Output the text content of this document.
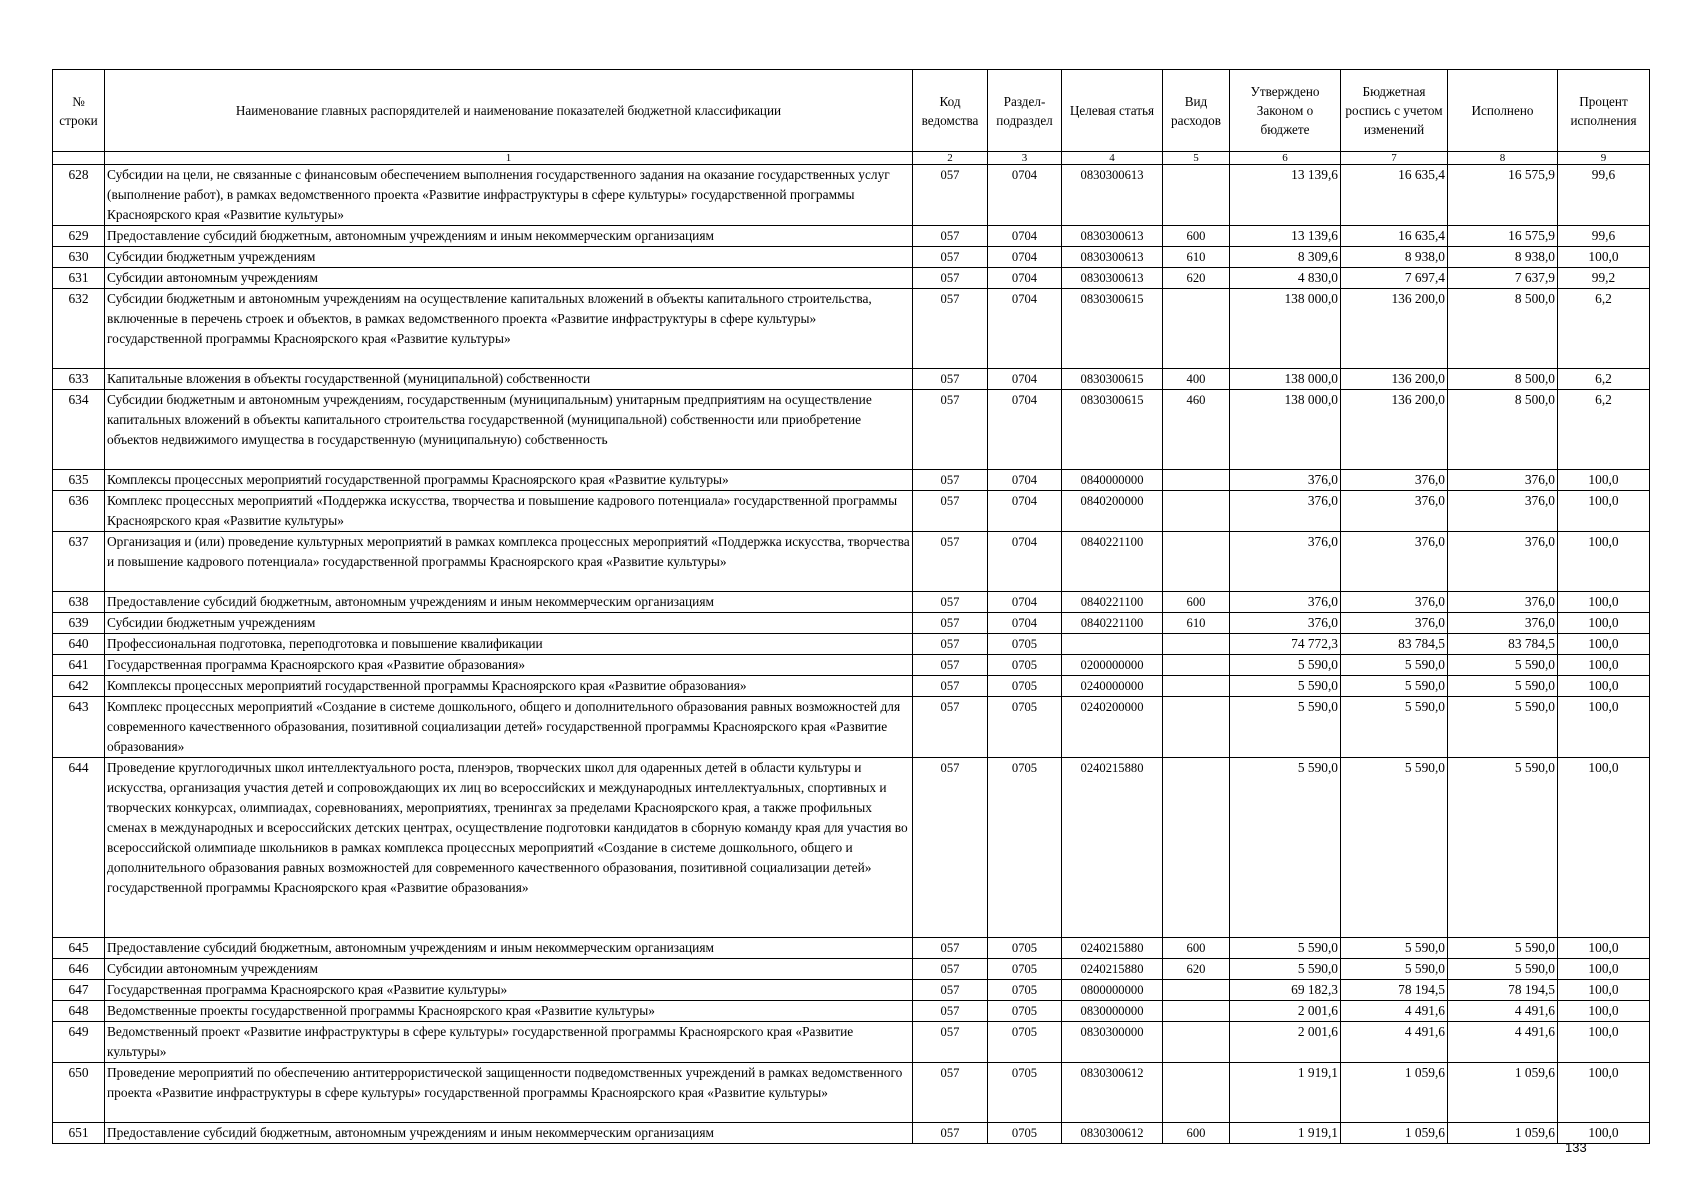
№ строки	Наименование главных распорядителей и наименование показателей бюджетной классификации	Код ведомства	Раздел-подраздел	Целевая статья	Вид расходов	Утверждено Законом о бюджете	Бюджетная роспись с учетом изменений	Исполнено	Процент исполнения
	1	2	3	4	5	6	7	8	9
628	Субсидии на цели, не связанные с финансовым обеспечением выполнения государственного задания на оказание государственных услуг (выполнение работ), в рамках ведомственного проекта «Развитие инфраструктуры в сфере культуры» государственной программы Красноярского края «Развитие культуры»	057	0704	0830300613		13 139,6	16 635,4	16 575,9	99,6
629	Предоставление субсидий бюджетным, автономным учреждениям и иным некоммерческим организациям	057	0704	0830300613	600	13 139,6	16 635,4	16 575,9	99,6
630	Субсидии бюджетным учреждениям	057	0704	0830300613	610	8 309,6	8 938,0	8 938,0	100,0
631	Субсидии автономным учреждениям	057	0704	0830300613	620	4 830,0	7 697,4	7 637,9	99,2
632	Субсидии бюджетным и автономным учреждениям на осуществление капитальных вложений в объекты капитального строительства, включенные в перечень строек и объектов, в рамках ведомственного проекта «Развитие инфраструктуры в сфере культуры» государственной программы Красноярского края «Развитие культуры»	057	0704	0830300615		138 000,0	136 200,0	8 500,0	6,2
633	Капитальные вложения в объекты государственной (муниципальной) собственности	057	0704	0830300615	400	138 000,0	136 200,0	8 500,0	6,2
634	Субсидии бюджетным и автономным учреждениям, государственным (муниципальным) унитарным предприятиям на осуществление капитальных вложений в объекты капитального строительства государственной (муниципальной) собственности или приобретение объектов недвижимого имущества в государственную (муниципальную) собственность	057	0704	0830300615	460	138 000,0	136 200,0	8 500,0	6,2
635	Комплексы процессных мероприятий государственной программы Красноярского края «Развитие культуры»	057	0704	0840000000		376,0	376,0	376,0	100,0
636	Комплекс процессных мероприятий «Поддержка искусства, творчества и повышение кадрового потенциала» государственной программы Красноярского края «Развитие культуры»	057	0704	0840200000		376,0	376,0	376,0	100,0
637	Организация и (или) проведение культурных мероприятий в рамках комплекса процессных мероприятий «Поддержка искусства, творчества и повышение кадрового потенциала» государственной программы Красноярского края «Развитие культуры»	057	0704	0840221100		376,0	376,0	376,0	100,0
638	Предоставление субсидий бюджетным, автономным учреждениям и иным некоммерческим организациям	057	0704	0840221100	600	376,0	376,0	376,0	100,0
639	Субсидии бюджетным учреждениям	057	0704	0840221100	610	376,0	376,0	376,0	100,0
640	Профессиональная подготовка, переподготовка и повышение квалификации	057	0705			74 772,3	83 784,5	83 784,5	100,0
641	Государственная программа Красноярского края «Развитие образования»	057	0705	0200000000		5 590,0	5 590,0	5 590,0	100,0
642	Комплексы процессных мероприятий государственной программы Красноярского края «Развитие образования»	057	0705	0240000000		5 590,0	5 590,0	5 590,0	100,0
643	Комплекс процессных мероприятий «Создание в системе дошкольного, общего и дополнительного образования равных возможностей для современного качественного образования, позитивной социализации детей» государственной программы Красноярского края «Развитие образования»	057	0705	0240200000		5 590,0	5 590,0	5 590,0	100,0
644	Проведение круглогодичных школ интеллектуального роста, пленэров, творческих школ для одаренных детей в области культуры и искусства, организация участия детей и сопровождающих их лиц во всероссийских и международных интеллектуальных, спортивных и творческих конкурсах, олимпиадах, соревнованиях, мероприятиях, тренингах за пределами Красноярского края, а также профильных сменах в международных и всероссийских детских центрах, осуществление подготовки кандидатов в сборную команду края для участия во всероссийской олимпиаде школьников в рамках комплекса процессных мероприятий «Создание в системе дошкольного, общего и дополнительного образования равных возможностей для современного качественного образования, позитивной социализации детей» государственной программы Красноярского края «Развитие образования»	057	0705	0240215880		5 590,0	5 590,0	5 590,0	100,0
645	Предоставление субсидий бюджетным, автономным учреждениям и иным некоммерческим организациям	057	0705	0240215880	600	5 590,0	5 590,0	5 590,0	100,0
646	Субсидии автономным учреждениям	057	0705	0240215880	620	5 590,0	5 590,0	5 590,0	100,0
647	Государственная программа Красноярского края «Развитие культуры»	057	0705	0800000000		69 182,3	78 194,5	78 194,5	100,0
648	Ведомственные проекты государственной программы Красноярского края «Развитие культуры»	057	0705	0830000000		2 001,6	4 491,6	4 491,6	100,0
649	Ведомственный проект «Развитие инфраструктуры в сфере культуры» государственной программы Красноярского края «Развитие культуры»	057	0705	0830300000		2 001,6	4 491,6	4 491,6	100,0
650	Проведение мероприятий по обеспечению антитеррористической защищенности подведомственных учреждений в рамках ведомственного проекта «Развитие инфраструктуры в сфере культуры» государственной программы Красноярского края «Развитие культуры»	057	0705	0830300612		1 919,1	1 059,6	1 059,6	100,0
651	Предоставление субсидий бюджетным, автономным учреждениям и иным некоммерческим организациям	057	0705	0830300612	600	1 919,1	1 059,6	1 059,6	100,0
133
